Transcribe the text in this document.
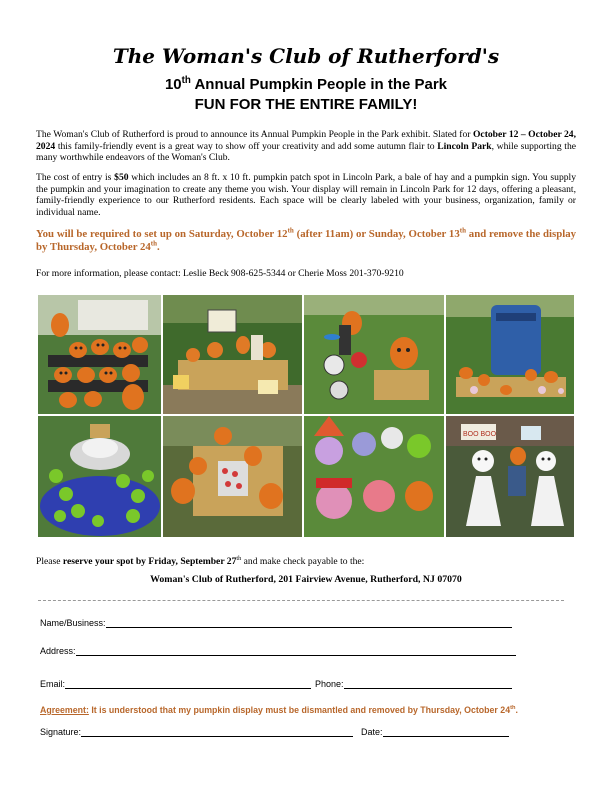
The Woman's Club of Rutherford's
10th Annual Pumpkin People in the Park
FUN FOR THE ENTIRE FAMILY!
The Woman's Club of Rutherford is proud to announce its Annual Pumpkin People in the Park exhibit. Slated for October 12 – October 24, 2024 this family-friendly event is a great way to show off your creativity and add some autumn flair to Lincoln Park, while supporting the many worthwhile endeavors of the Woman's Club.
The cost of entry is $50 which includes an 8 ft. x 10 ft. pumpkin patch spot in Lincoln Park, a bale of hay and a pumpkin sign. You supply the pumpkin and your imagination to create any theme you wish. Your display will remain in Lincoln Park for 12 days, offering a pleasant, family-friendly experience to our Rutherford residents. Each space will be clearly labeled with your business, organization, family or individual name.
You will be required to set up on Saturday, October 12th (after 11am) or Sunday, October 13th and remove the display by Thursday, October 24th.
For more information, please contact: Leslie Beck 908-625-5344 or Cherie Moss 201-370-9210
BOO BOO
Please reserve your spot by Friday, September 27th and make check payable to the:
Woman's Club of Rutherford, 201 Fairview Avenue, Rutherford, NJ 07070
Name/Business:
Address:
Email:	Phone:
Agreement: It is understood that my pumpkin display must be dismantled and removed by Thursday, October 24th.
Signature:	Date:
